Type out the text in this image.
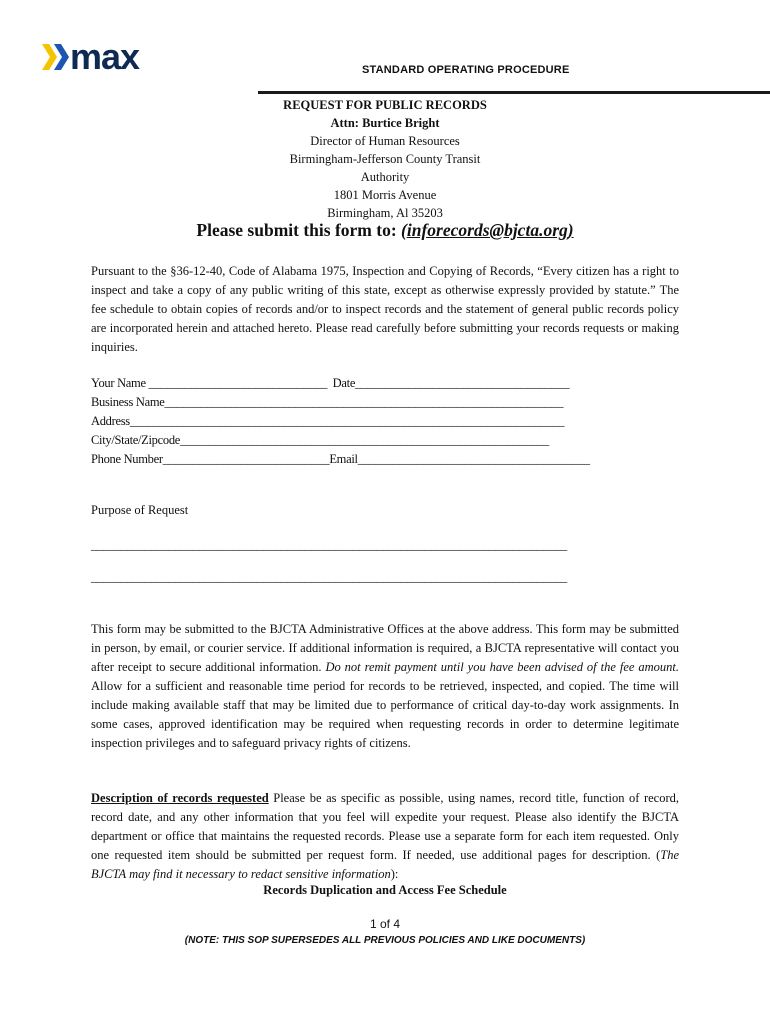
max	STANDARD OPERATING PROCEDURE
REQUEST FOR PUBLIC RECORDS
Attn: Burtice Bright
Director of Human Resources
Birmingham-Jefferson County Transit
Authority
1801 Morris Avenue
Birmingham, Al 35203
Please submit this form to: (inforecords@bjcta.org)
Pursuant to the §36-12-40, Code of Alabama 1975, Inspection and Copying of Records, “Every citizen has a right to inspect and take a copy of any public writing of this state, except as otherwise expressly provided by statute.” The fee schedule to obtain copies of records and/or to inspect records and the statement of general public records policy are incorporated herein and attached hereto. Please read carefully before submitting your records requests or making inquiries.
Your Name ______________________________  Date____________________________________
Business Name___________________________________________________________________
Address_________________________________________________________________________
City/State/Zipcode______________________________________________________________
Phone Number____________________________Email_______________________________________
Purpose of Request
________________________________________________________________________________
________________________________________________________________________________
This form may be submitted to the BJCTA Administrative Offices at the above address. This form may be submitted in person, by email, or courier service. If additional information is required, a BJCTA representative will contact you after receipt to secure additional information. Do not remit payment until you have been advised of the fee amount. Allow for a sufficient and reasonable time period for records to be retrieved, inspected, and copied. The time will include making available staff that may be limited due to performance of critical day-to-day work assignments. In some cases, approved identification may be required when requesting records in order to determine legitimate inspection privileges and to safeguard privacy rights of citizens.
Description of records requested Please be as specific as possible, using names, record title, function of record, record date, and any other information that you feel will expedite your request. Please also identify the BJCTA department or office that maintains the requested records. Please use a separate form for each item requested. Only one requested item should be submitted per request form. If needed, use additional pages for description. (The BJCTA may find it necessary to redact sensitive information):
Records Duplication and Access Fee Schedule
1 of 4
(NOTE: THIS SOP SUPERSEDES ALL PREVIOUS POLICIES AND LIKE DOCUMENTS)
